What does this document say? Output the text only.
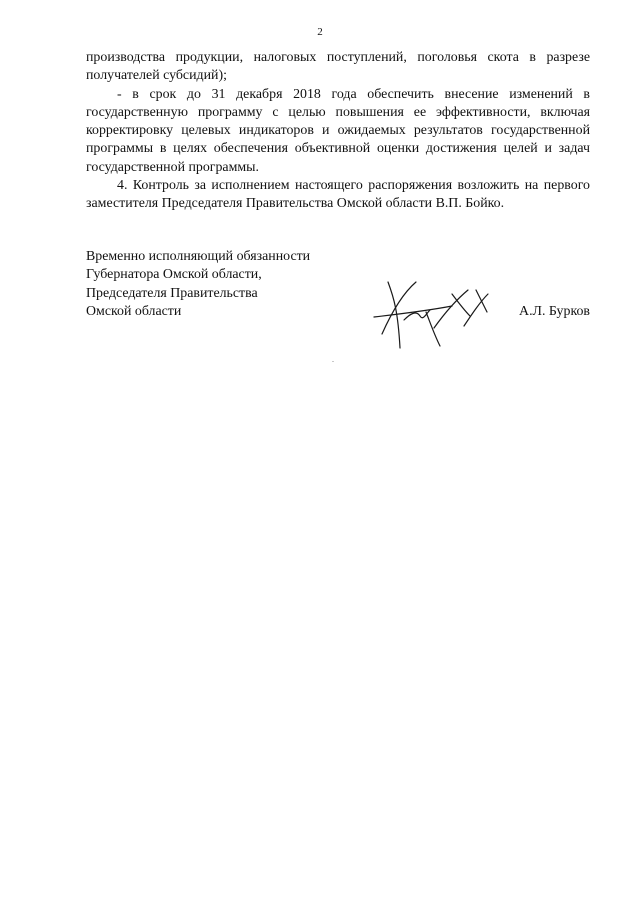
2

производства продукции, налоговых поступлений, поголовья скота в разрезе получателей субсидий);

- в срок до 31 декабря 2018 года обеспечить внесение изменений в государственную программу с целью повышения ее эффективности, включая корректировку целевых индикаторов и ожидаемых результатов государственной программы в целях обеспечения объективной оценки достижения целей и задач государственной программы.

4. Контроль за исполнением настоящего распоряжения возложить на первого заместителя Председателя Правительства Омской области В.П. Бойко.

Временно исполняющий обязанности
Губернатора Омской области,
Председателя Правительства
Омской области	А.Л. Бурков
